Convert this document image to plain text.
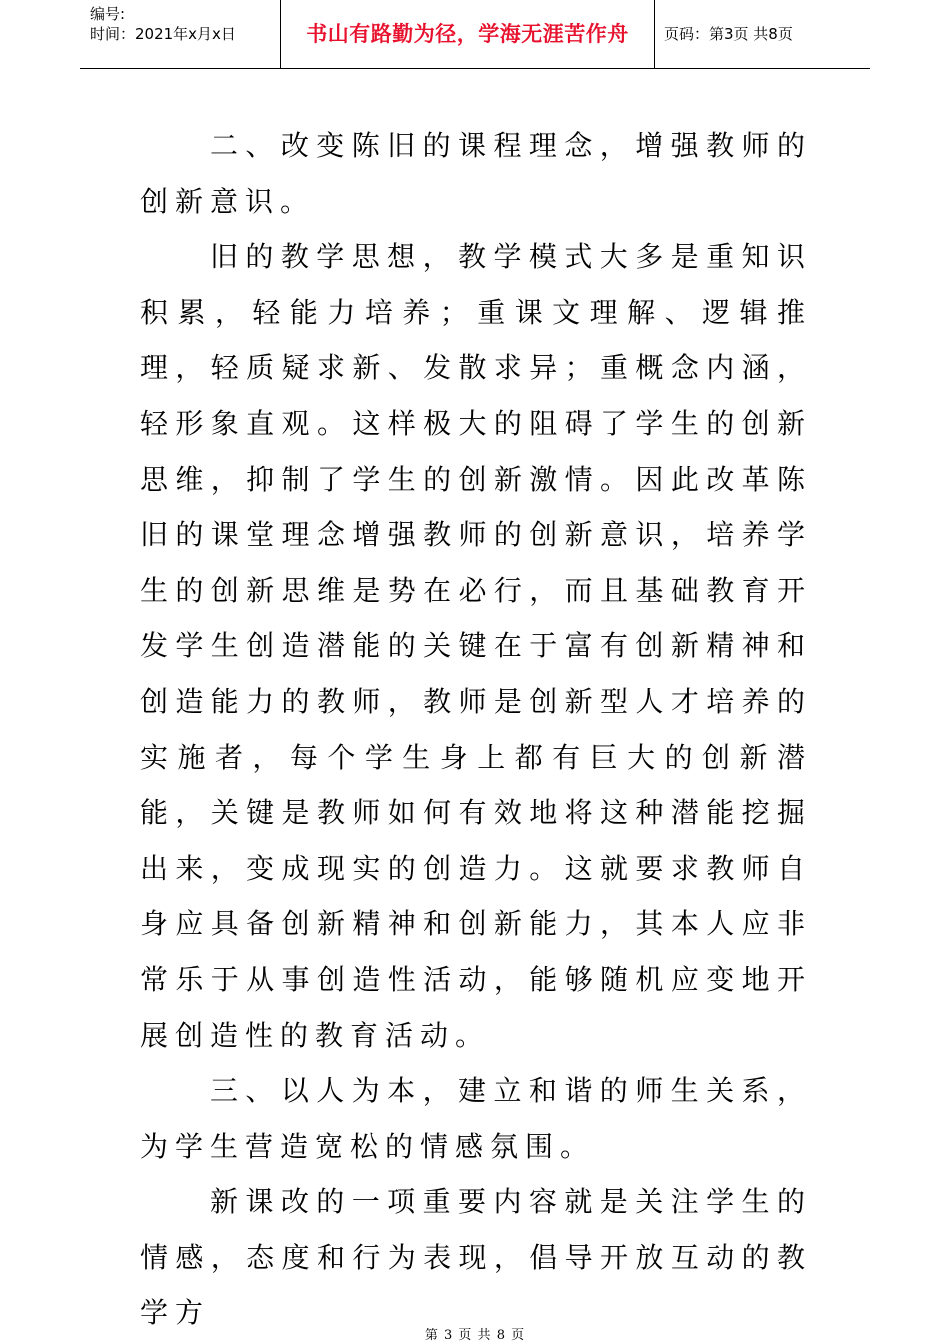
编号:
时间：2021年x月x日	书山有路勤为径，学海无涯苦作舟 页码：第3页 共8页

二、改变陈旧的课程理念，增强教师的创新意识。

旧的教学思想，教学模式大多是重知识积累，轻能力培养；重课文理解、逻辑推理，轻质疑求新、发散求异；重概念内涵，轻形象直观。这样极大的阻碍了学生的创新思维，抑制了学生的创新激情。因此改革陈旧的课堂理念增强教师的创新意识，培养学生的创新思维是势在必行，而且基础教育开发学生创造潜能的关键在于富有创新精神和创造能力的教师，教师是创新型人才培养的实施者，每个学生身上都有巨大的创新潜能，关键是教师如何有效地将这种潜能挖掘出来，变成现实的创造力。这就要求教师自身应具备创新精神和创新能力，其本人应非常乐于从事创造性活动，能够随机应变地开展创造性的教育活动。

三、以人为本，建立和谐的师生关系，为学生营造宽松的情感氛围。

新课改的一项重要内容就是关注学生的情感，态度和行为表现，倡导开放互动的教学方

第 3 页 共 8 页
